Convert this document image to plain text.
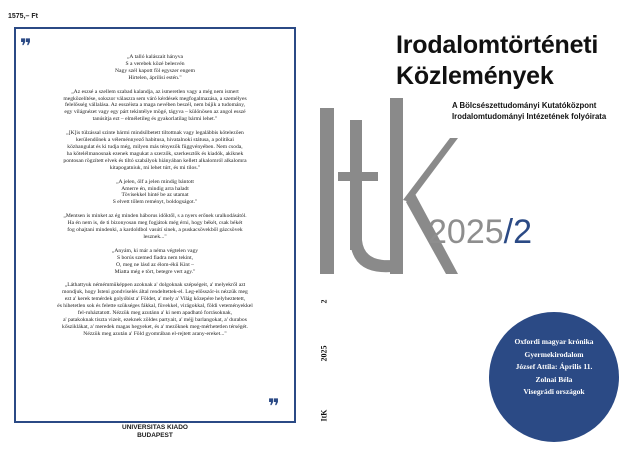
1575,– Ft
❞
❞
„A talló kalászait hányva
S a verebek közé belesvén
Nagy szél kapott föl egyszer engem
Hirtelen, áprilisi estén."
„Az eszsé a szellem szabad kalandja, az ismeretlen vagy a még nem ismert
megközelítése, sokszor válaszra sem váró kérdések megfogalmazása, a személyes
felelősség vállalása. Az esszéista a maga nevében beszél, nem bújik a tudomány,
egy világnézet vagy egy párt tekintélye mögé, tágyva – különösen az angol esszé
tanúsítja ezt – elméletileg és gyakorlatilag bármi lehet."
„[K]is túlzással szinte bármi mindsílbetett tiltottnak vagy legalábbis kötelezően
kerülendőnek a véleménnyező habitusa, hivatalnoki státusa, a politikai
közhangulat és ki tudja még, milyen más tényezők függvényében. Nem csoda,
ha kötelélmanosnak ezenek magukat a szerzők, szerkesztők és kiadók, akiknek
pontosan rögzített elvek és tiltó szabályok hiányában kellett alkalomról alkalomra
kitapogatniuk, mi lehet túrt, és mi tilos."
„A jelen, ölf a jelen mindig bántott
Amerre én, mindig arra haladt
Tövisekkel hinté be az utamat
S elvett tőlem reményt, boldogságot."
„Mentsen is minket az ég minden háborus idöktől, s a nyers erőnek uralkodásától.
Ha én nem is, de ti bizonyosan meg fogjátok még érni, hogy békét, csak békét
fog ohajtani mindenki, a kardoldbol vasútí sinek, a puskacsövekből gázcsövek
lesznek..."
„Anyám, ki már a néma végtelen vagy
S borús szemed fiadra nem tekint,
Ó, meg ne lásd az élom-ékű Kint –
Miatta még e tört, betegre vert agy."
„Láthattyuk némémmüképpen azoknak a' dolgoknak szépségeit, a' melyekről azt
mondjuk, hogy Isteni gondviselés által rendeltettek-el. Leg-elősször-is nézzük meg
ezt a' kerek temérdek golyóbist a' Földet, a' mely a' Világ közepére helyheztetett,
és hihetetlen sok és felette szükséges fákkal, füvekkel, virágokkal, földi veteményekkel
fel-ruháztatott. Nézzük meg azutánn a' ki nem apadható forrásoknak,
a' patakoknak tiszta vizeit, ezeknek zöldes partyait, a' méjj barlangokat, a' durabos
kősziklákat, a' meredek magas hegyeket, és a' mezőknek meg-mérhetetlen térségét.
Nézzük meg azután a' Föld gyomrában el-rejtett arany-ereket..."
UNIVERSITAS KIADÓ
BUDAPEST
Irodalomtörténeti
Közlemények
A Bölcsészettudományi Kutatóközpont
Irodalomtudományi Intézetének folyóirata
2025/2
2
2025
ItK
Oxfordi magyar krónika
Gyermekirodalom
József Attila: Április 11.
Zolnai Béla
Visegrádi országok
